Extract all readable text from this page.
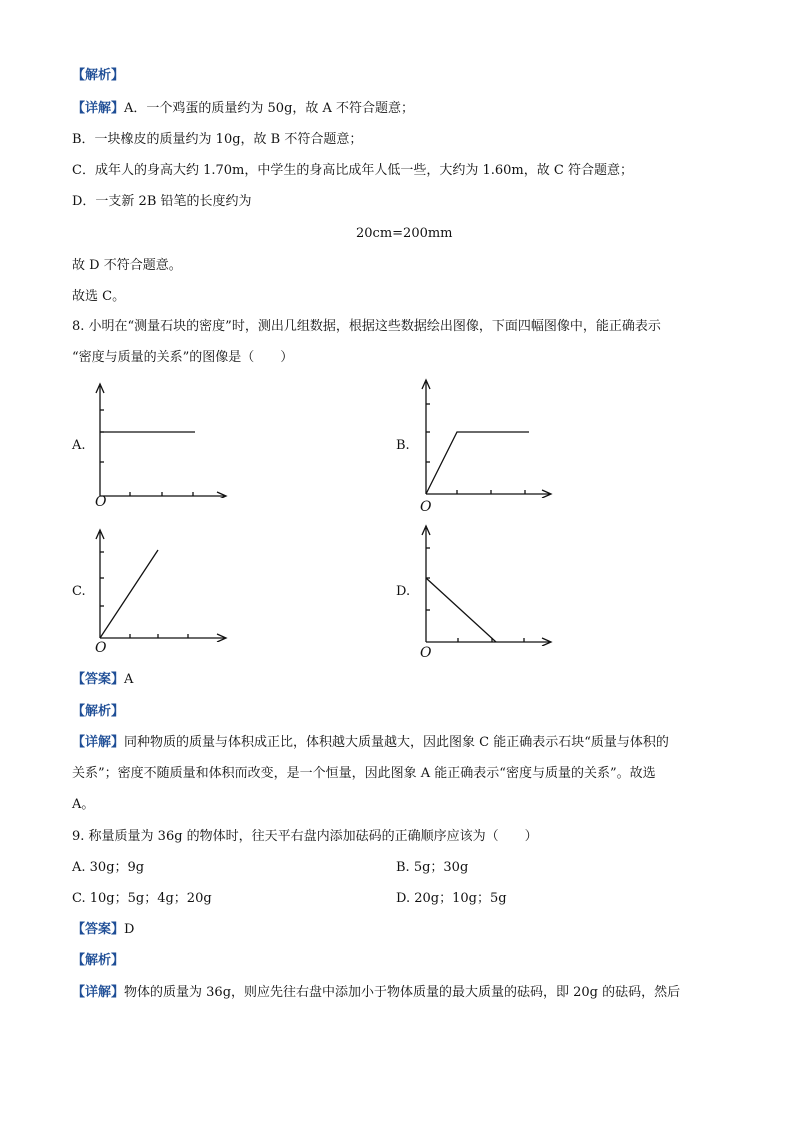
【解析】
【详解】A．一个鸡蛋的质量约为 50g，故 A 不符合题意；
B．一块橡皮的质量约为 10g，故 B 不符合题意；
C．成年人的身高大约 1.70m，中学生的身高比成年人低一些，大约为 1.60m，故 C 符合题意；
D．一支新 2B 铅笔的长度约为
20cm=200mm
故 D 不符合题意。
故选 C。
8. 小明在“测量石块的密度”时，测出几组数据，根据这些数据绘出图像，下面四幅图像中，能正确表示
“密度与质量的关系”的图像是（　　）
A.
O
B.
O
C.
O
D.
O
【答案】A
【解析】
【详解】同种物质的质量与体积成正比，体积越大质量越大，因此图象 C 能正确表示石块“质量与体积的
关系”；密度不随质量和体积而改变，是一个恒量，因此图象 A 能正确表示“密度与质量的关系”。故选
A。
9. 称量质量为 36g 的物体时，往天平右盘内添加砝码的正确顺序应该为（　　）
A. 30g；9g	B. 5g；30g
C. 10g；5g；4g；20g	D. 20g；10g；5g
【答案】D
【解析】
【详解】物体的质量为 36g，则应先往右盘中添加小于物体质量的最大质量的砝码，即 20g 的砝码，然后
